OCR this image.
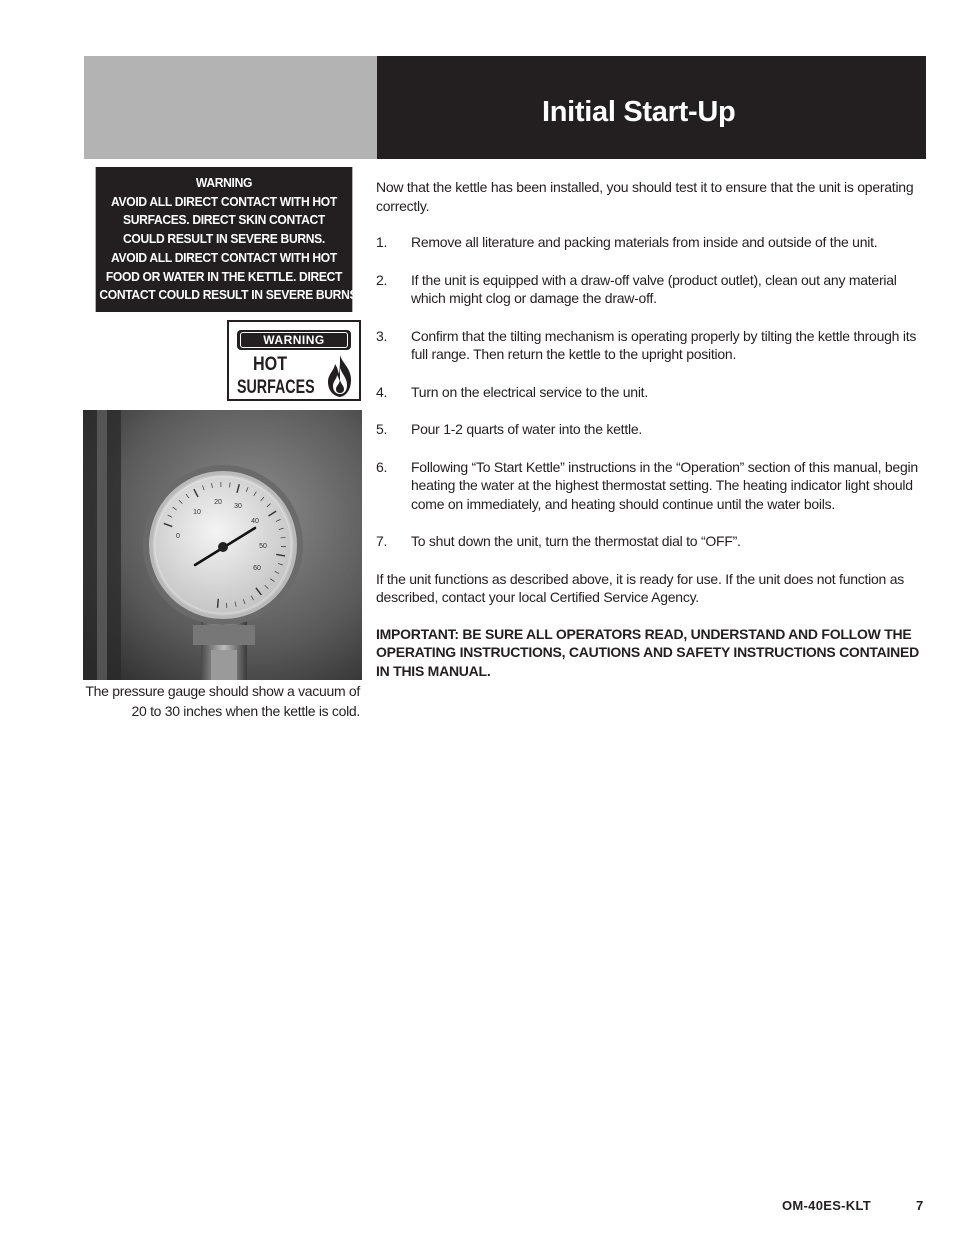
Initial Start-Up
WARNING
AVOID ALL DIRECT CONTACT WITH HOT
SURFACES. DIRECT SKIN CONTACT
COULD RESULT IN SEVERE BURNS.
AVOID ALL DIRECT CONTACT WITH HOT
FOOD OR WATER IN THE KETTLE. DIRECT
CONTACT COULD RESULT IN SEVERE BURNS.
WARNING
HOT
SURFACES
0
10
20
30
40
50
60
The pressure gauge should show a vacuum of 20 to 30 inches when the kettle is cold.

Now that the kettle has been installed, you should test it to ensure that the unit is operating correctly.

1. Remove all literature and packing materials from inside and outside of the unit.
2. If the unit is equipped with a draw-off valve (product outlet), clean out any material which might clog or damage the draw-off.
3. Confirm that the tilting mechanism is operating properly by tilting the kettle through its full range. Then return the kettle to the upright position.
4. Turn on the electrical service to the unit.
5. Pour 1-2 quarts of water into the kettle.
6. Following “To Start Kettle” instructions in the “Operation” section of this manual, begin heating the water at the highest thermostat setting. The heating indicator light should come on immediately, and heating should continue until the water boils.
7. To shut down the unit, turn the thermostat dial to “OFF”.

If the unit functions as described above, it is ready for use. If the unit does not function as described, contact your local Certified Service Agency.

IMPORTANT: BE SURE ALL OPERATORS READ, UNDERSTAND AND FOLLOW THE OPERATING INSTRUCTIONS, CAUTIONS AND SAFETY INSTRUCTIONS CONTAINED IN THIS MANUAL.

OM-40ES-KLT	7
